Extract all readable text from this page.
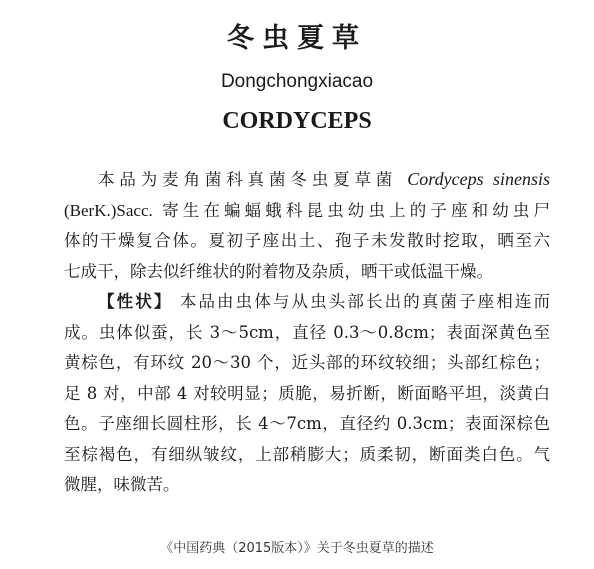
冬虫夏草
Dongchongxiacao
CORDYCEPS
本品为麦角菌科真菌冬虫夏草菌 Cordyceps sinensis
(BerK.)Sacc. 寄生在蝙蝠蛾科昆虫幼虫上的子座和幼虫尸
体的干燥复合体。夏初子座出土、孢子未发散时挖取，晒至六
七成干，除去似纤维状的附着物及杂质，晒干或低温干燥。
【性状】 本品由虫体与从虫头部长出的真菌子座相连而
成。虫体似蚕，长 3～5cm，直径 0.3～0.8cm；表面深黄色至
黄棕色，有环纹 20～30 个，近头部的环纹较细；头部红棕色；
足 8 对，中部 4 对较明显；质脆，易折断，断面略平坦，淡黄白
色。子座细长圆柱形，长 4～7cm，直径约 0.3cm；表面深棕色
至棕褐色，有细纵皱纹，上部稍膨大；质柔韧，断面类白色。气
微腥，味微苦。
《中国药典（2015版本）》关于冬虫夏草的描述
